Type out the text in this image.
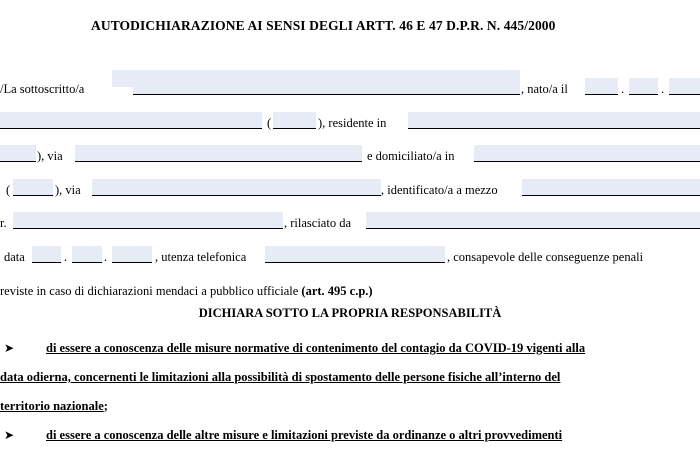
AUTODICHIARAZIONE AI SENSI DEGLI ARTT. 46 E 47 D.P.R. N. 445/2000
/La sottoscritto/a	, nato/a il	.	.
(	), residente in
), via	e domiciliato/a in
(	), via	, identificato/a a mezzo
r.	, rilasciato da
data	.	.	, utenza telefonica	, consapevole delle conseguenze penali
reviste in caso di dichiarazioni mendaci a pubblico ufficiale (art. 495 c.p.)
DICHIARA SOTTO LA PROPRIA RESPONSABILITÀ
➤	di essere a conoscenza delle misure normative di contenimento del contagio da COVID-19 vigenti alla
data odierna, concernenti le limitazioni alla possibilità di spostamento delle persone fisiche all’interno del
territorio nazionale;
➤	di essere a conoscenza delle altre misure e limitazioni previste da ordinanze o altri provvedimenti
